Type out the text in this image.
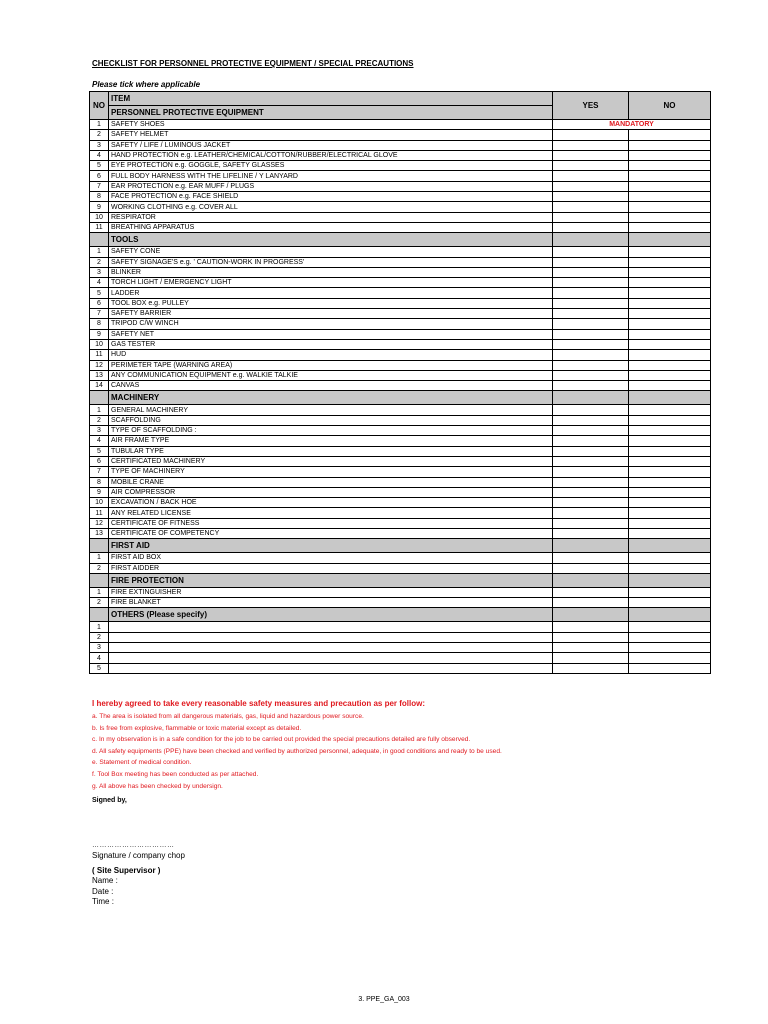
CHECKLIST FOR PERSONNEL PROTECTIVE EQUIPMENT / SPECIAL PRECAUTIONS
Please tick where applicable
NO	ITEM	YES	NO
	PERSONNEL PROTECTIVE EQUIPMENT		
1	SAFETY SHOES	MANDATORY	
2	SAFETY HELMET		
3	SAFETY / LIFE / LUMINOUS JACKET		
4	HAND PROTECTION e.g. LEATHER/CHEMICAL/COTTON/RUBBER/ELECTRICAL GLOVE		
5	EYE PROTECTION e.g. GOGGLE, SAFETY GLASSES		
6	FULL BODY HARNESS WITH THE LIFELINE / Y LANYARD		
7	EAR PROTECTION e.g. EAR MUFF / PLUGS		
8	FACE PROTECTION e.g. FACE SHIELD		
9	WORKING CLOTHING e.g. COVER ALL		
10	RESPIRATOR		
11	BREATHING APPARATUS		
	TOOLS		
1	SAFETY CONE		
2	SAFETY SIGNAGE'S e.g. ' CAUTION-WORK IN PROGRESS'		
3	BLINKER		
4	TORCH LIGHT / EMERGENCY LIGHT		
5	LADDER		
6	TOOL BOX e.g. PULLEY		
7	SAFETY BARRIER		
8	TRIPOD C/W WINCH		
9	SAFETY NET		
10	GAS TESTER		
11	HUD		
12	PERIMETER TAPE (WARNING AREA)		
13	ANY COMMUNICATION EQUIPMENT e.g. WALKIE TALKIE		
14	CANVAS		
	MACHINERY		
1	GENERAL MACHINERY		
2	SCAFFOLDING		
3	TYPE OF SCAFFOLDING :		
4	AIR FRAME TYPE		
5	TUBULAR TYPE		
6	CERTIFICATED MACHINERY		
7	TYPE OF MACHINERY		
8	MOBILE CRANE		
9	AIR COMPRESSOR		
10	EXCAVATION / BACK HOE		
11	ANY RELATED LICENSE		
12	CERTIFICATE OF FITNESS		
13	CERTIFICATE OF COMPETENCY		
	FIRST AID		
1	FIRST AID BOX		
2	FIRST AIDDER		
	FIRE PROTECTION		
1	FIRE EXTINGUISHER		
2	FIRE BLANKET		
	OTHERS (Please specify)		
1			
2			
3			
4			
5			
I hereby agreed to take every reasonable safety measures and precaution as per follow:
a. The area is isolated from all dangerous materials, gas, liquid and hazardous power source.
b. Is free from explosive, flammable or toxic material except as detailed.
c. In my observation is in a safe condition for the job to be carried out provided the special precautions detailed are fully observed.
d. All safety equipments (PPE) have been checked and verified by authorized personnel, adequate, in good conditions and ready to be used.
e. Statement of medical condition.
f. Tool Box meeting has been conducted as per attached.
g. All above has been checked by undersign.
Signed by,
……………………………
Signature / company chop
( Site Supervisor )
Name :
Date :
Time :
3. PPE_GA_003
